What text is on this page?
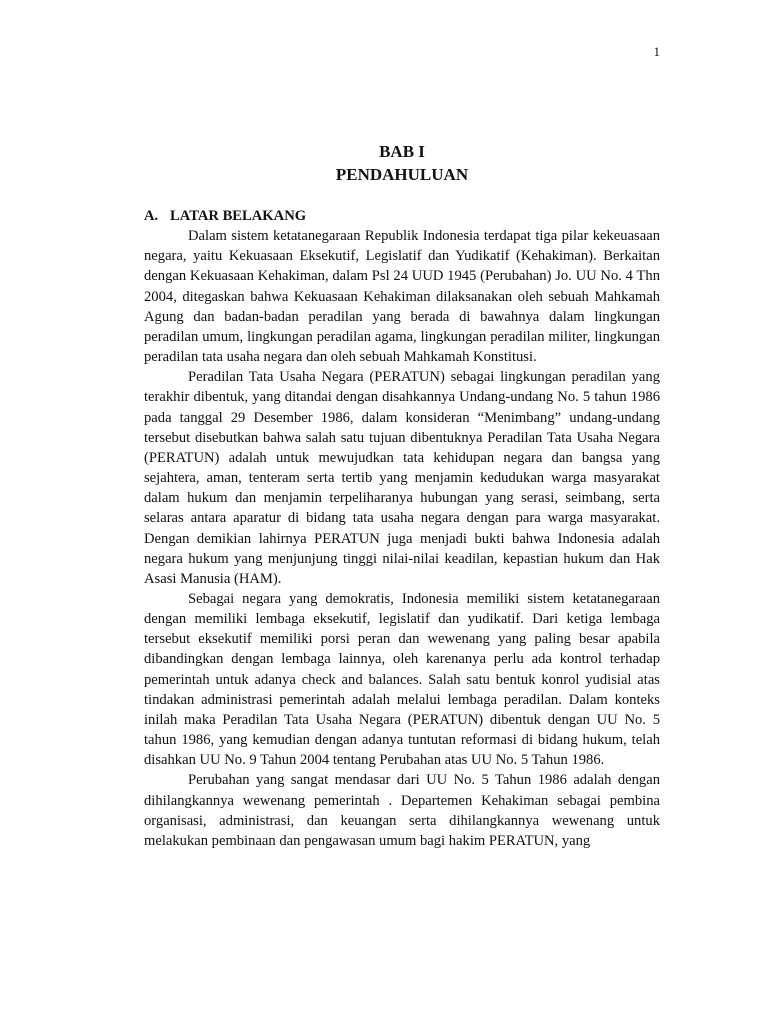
1
BAB I
PENDAHULUAN

A. LATAR BELAKANG

Dalam sistem ketatanegaraan Republik Indonesia terdapat tiga pilar kekeuasaan negara, yaitu Kekuasaan Eksekutif, Legislatif dan Yudikatif (Kehakiman). Berkaitan dengan Kekuasaan Kehakiman, dalam Psl 24 UUD 1945 (Perubahan) Jo. UU No. 4 Thn 2004, ditegaskan bahwa Kekuasaan Kehakiman dilaksanakan oleh sebuah Mahkamah Agung dan badan-badan peradilan yang berada di bawahnya dalam lingkungan peradilan umum, lingkungan peradilan agama, lingkungan peradilan militer, lingkungan peradilan tata usaha negara dan oleh sebuah Mahkamah Konstitusi.

Peradilan Tata Usaha Negara (PERATUN) sebagai lingkungan peradilan yang terakhir dibentuk, yang ditandai dengan disahkannya Undang-undang No. 5 tahun 1986 pada tanggal 29 Desember 1986, dalam konsideran “Menimbang” undang-undang tersebut disebutkan bahwa salah satu tujuan dibentuknya Peradilan Tata Usaha Negara (PERATUN) adalah untuk mewujudkan tata kehidupan negara dan bangsa yang sejahtera, aman, tenteram serta tertib yang menjamin kedudukan warga masyarakat dalam hukum dan menjamin terpeliharanya hubungan yang serasi, seimbang, serta selaras antara aparatur di bidang tata usaha negara dengan para warga masyarakat. Dengan demikian lahirnya PERATUN juga menjadi bukti bahwa Indonesia adalah negara hukum yang menjunjung tinggi nilai-nilai keadilan, kepastian hukum dan Hak Asasi Manusia (HAM).

Sebagai negara yang demokratis, Indonesia memiliki sistem ketatanegaraan dengan memiliki lembaga eksekutif, legislatif dan yudikatif. Dari ketiga lembaga tersebut eksekutif memiliki porsi peran dan wewenang yang paling besar apabila dibandingkan dengan lembaga lainnya, oleh karenanya perlu ada kontrol terhadap pemerintah untuk adanya check and balances. Salah satu bentuk konrol yudisial atas tindakan administrasi pemerintah adalah melalui lembaga peradilan. Dalam konteks inilah maka Peradilan Tata Usaha Negara (PERATUN) dibentuk dengan UU No. 5 tahun 1986, yang kemudian dengan adanya tuntutan reformasi di bidang hukum, telah disahkan UU No. 9 Tahun 2004 tentang Perubahan atas UU No. 5 Tahun 1986.

Perubahan yang sangat mendasar dari UU No. 5 Tahun 1986 adalah dengan dihilangkannya wewenang pemerintah . Departemen Kehakiman sebagai pembina organisasi, administrasi, dan keuangan serta dihilangkannya wewenang untuk melakukan pembinaan dan pengawasan umum bagi hakim PERATUN, yang
